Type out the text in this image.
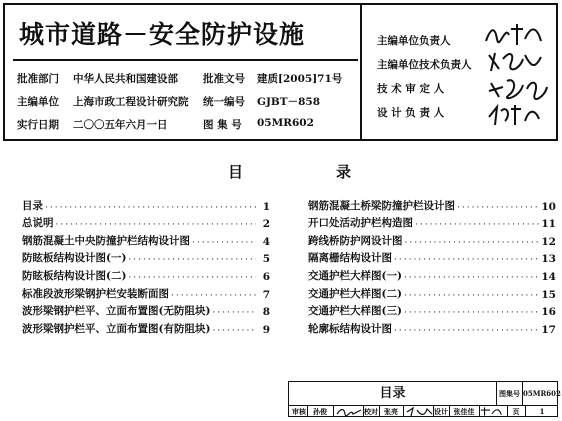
城市道路－安全防护设施
批准部门 中华人民共和国建设部 批准文号 建质[2005]71号
主编单位 上海市政工程设计研究院 统一编号 GJBT－858
实行日期 二〇〇五年六月一日	图 集 号 05MR602
主编单位负责人
主编单位技术负责人
技 术 审 定 人
设 计 负 责 人
目	录
目录 ·····	1
总说明 ·····	2
钢筋混凝土中央防撞护栏结构设计图 ·····	4
防眩板结构设计图(一) ·····	5
防眩板结构设计图(二) ·····	6
标准段波形梁钢护栏安装断面图 ·····	7
波形梁钢护栏平、立面布置图(无防阻块) ·····	8
波形梁钢护栏平、立面布置图(有防阻块) ·····	9
钢筋混凝土桥梁防撞护栏设计图 ·····	10
开口处活动护栏构造图 ·····	11
跨线桥防护网设计图 ·····	12
隔离栅结构设计图 ·····	13
交通护栏大样图(一) ·····	14
交通护栏大样图(二) ·····	15
交通护栏大样图(三) ·····	16
轮廓标结构设计图 ·····	17
目录	图集号 05MR602
审核	孙俊	校对 张亮	设计 张佳佳	页	1
